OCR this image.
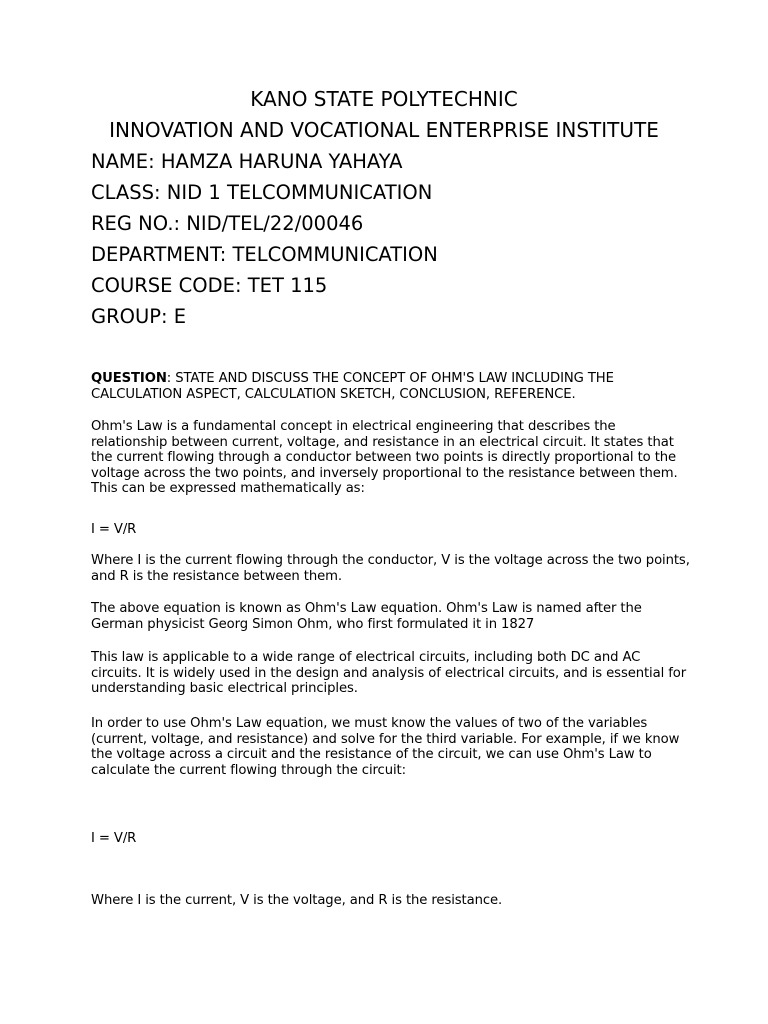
KANO STATE POLYTECHNIC
INNOVATION AND VOCATIONAL ENTERPRISE INSTITUTE
NAME: HAMZA HARUNA YAHAYA
CLASS: NID 1 TELCOMMUNICATION
REG NO.: NID/TEL/22/00046
DEPARTMENT: TELCOMMUNICATION
COURSE CODE: TET 115
GROUP: E
QUESTION: STATE AND DISCUSS THE CONCEPT OF OHM'S LAW INCLUDING THE CALCULATION ASPECT, CALCULATION SKETCH, CONCLUSION, REFERENCE.
Ohm's Law is a fundamental concept in electrical engineering that describes the relationship between current, voltage, and resistance in an electrical circuit. It states that the current flowing through a conductor between two points is directly proportional to the voltage across the two points, and inversely proportional to the resistance between them. This can be expressed mathematically as:
I = V/R
Where I is the current flowing through the conductor, V is the voltage across the two points, and R is the resistance between them.
The above equation is known as Ohm's Law equation. Ohm's Law is named after the German physicist Georg Simon Ohm, who first formulated it in 1827
This law is applicable to a wide range of electrical circuits, including both DC and AC circuits. It is widely used in the design and analysis of electrical circuits, and is essential for understanding basic electrical principles.
In order to use Ohm's Law equation, we must know the values of two of the variables (current, voltage, and resistance) and solve for the third variable. For example, if we know the voltage across a circuit and the resistance of the circuit, we can use Ohm's Law to calculate the current flowing through the circuit:
I = V/R
Where I is the current, V is the voltage, and R is the resistance.
